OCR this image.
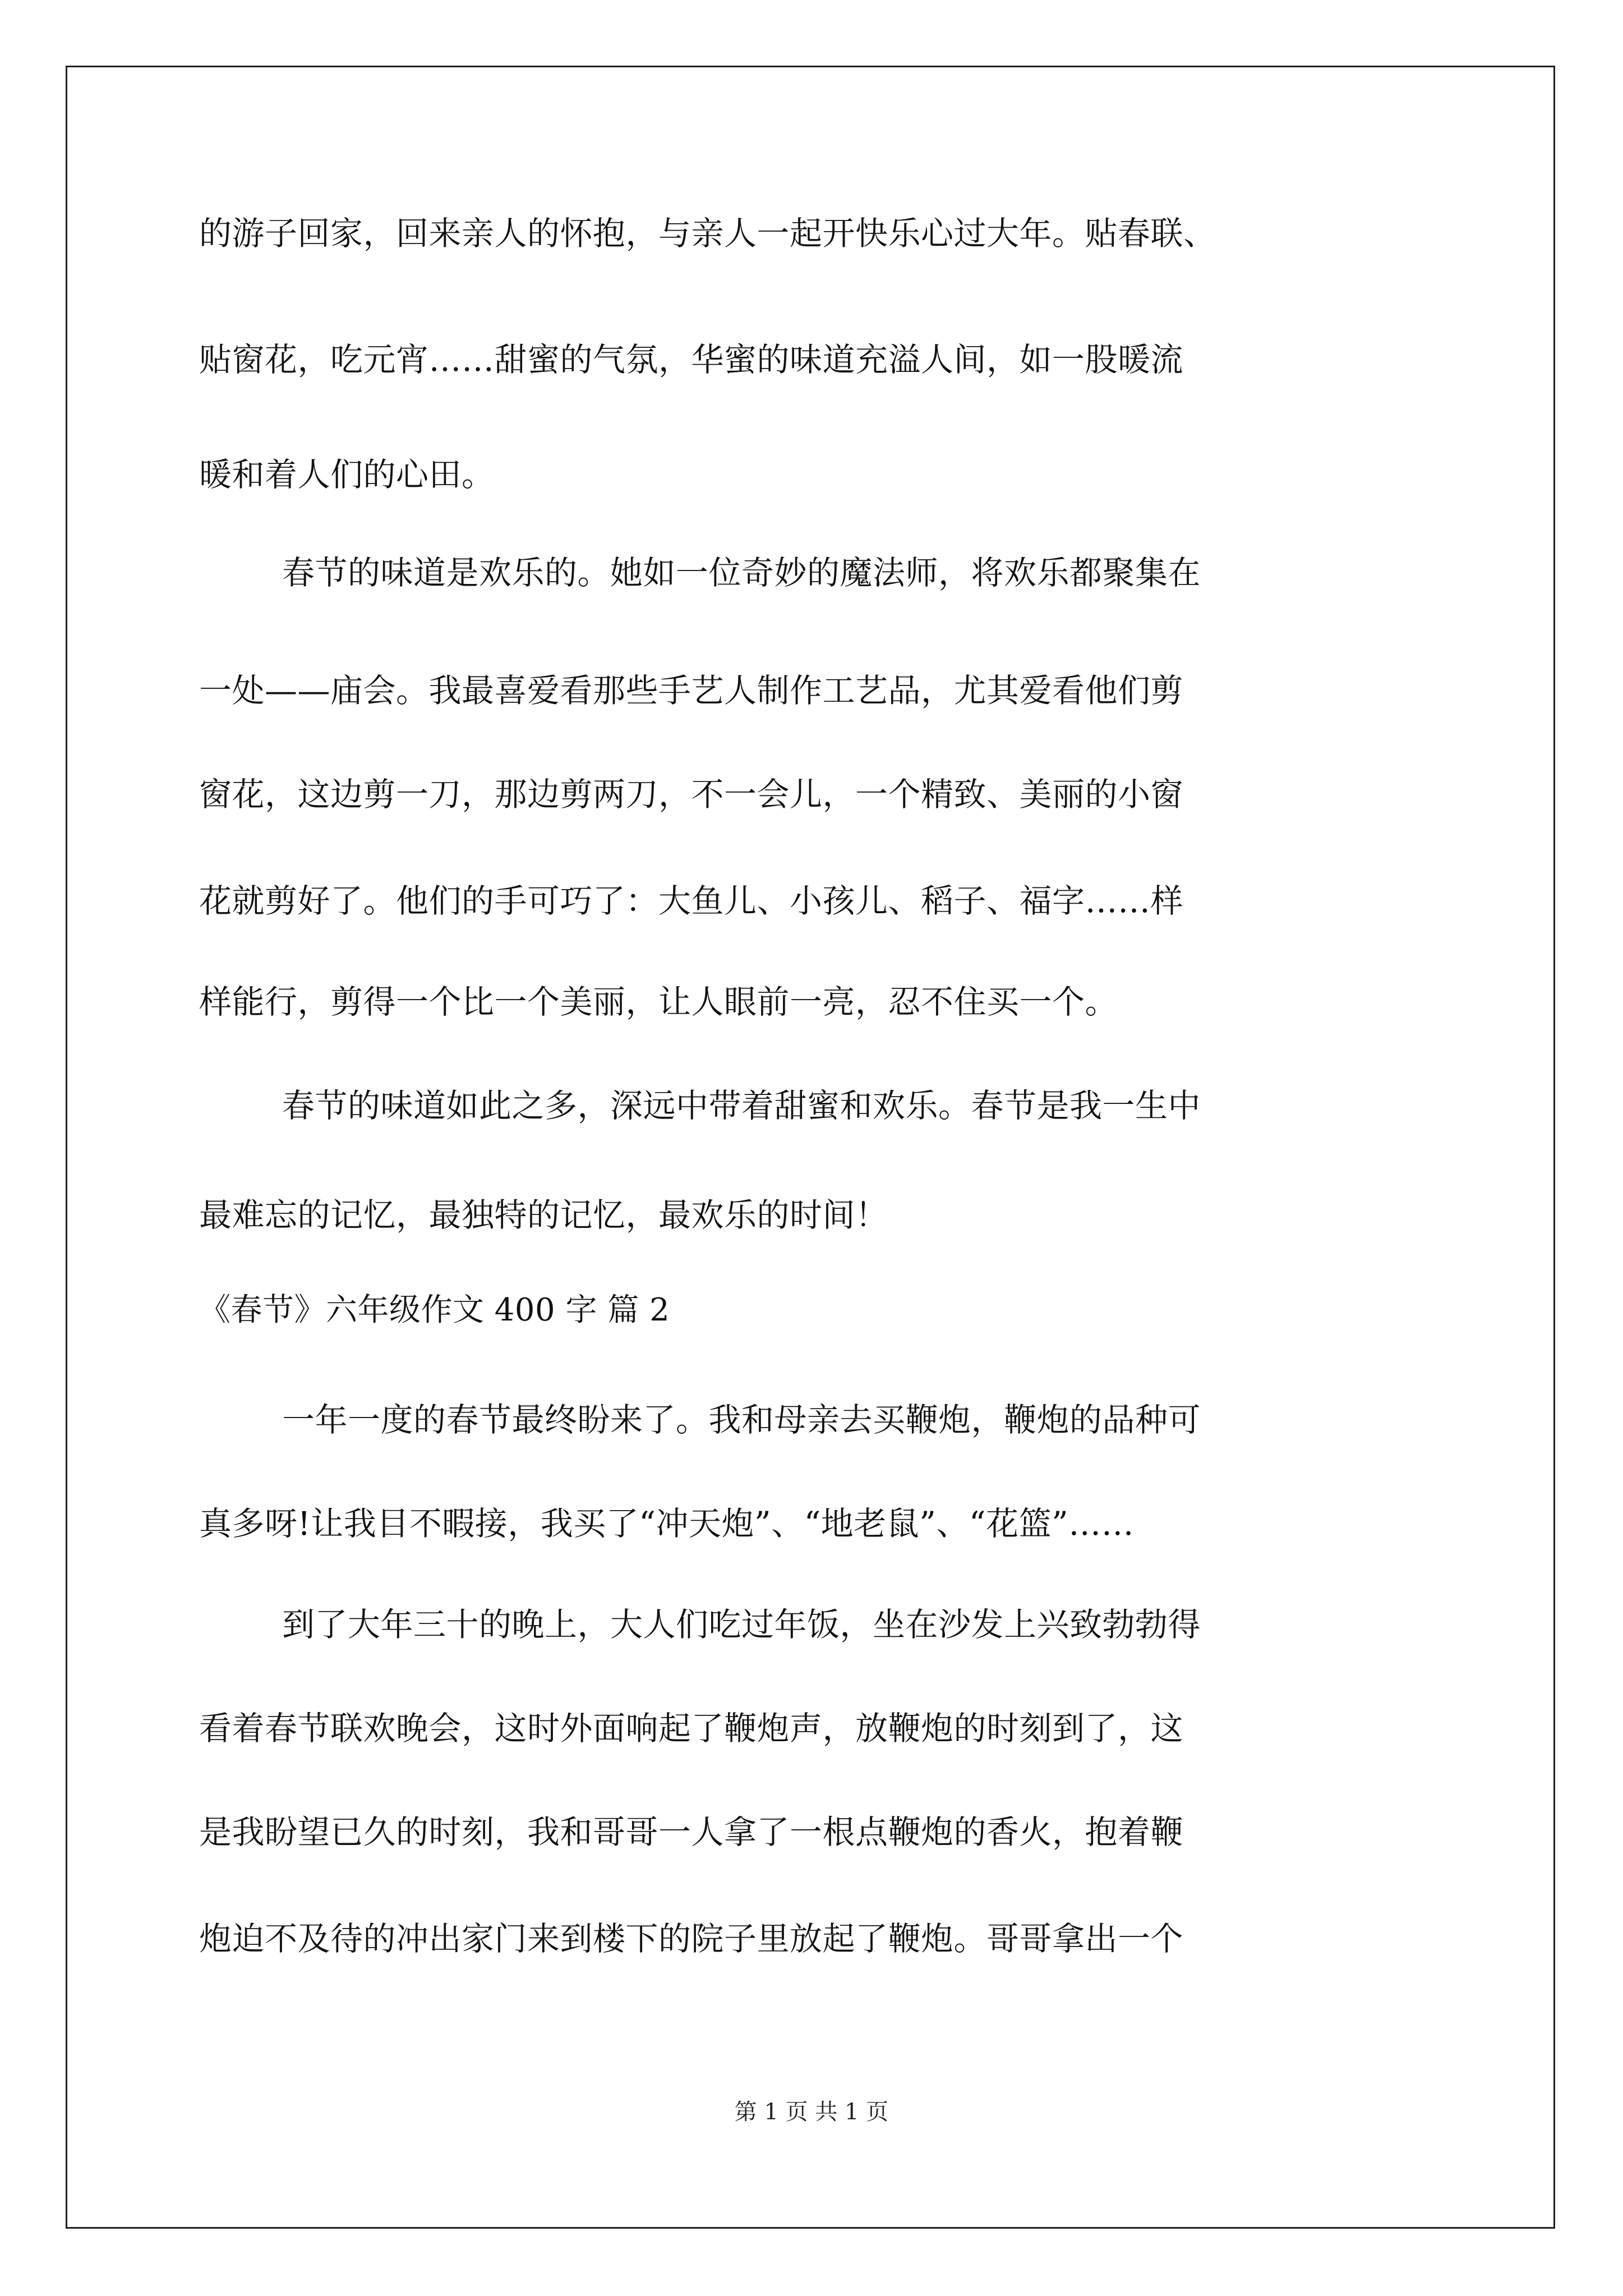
的游子回家，回来亲人的怀抱，与亲人一起开快乐心过大年。贴春联、
贴窗花，吃元宵……甜蜜的气氛，华蜜的味道充溢人间，如一股暖流
暖和着人们的心田。
春节的味道是欢乐的。她如一位奇妙的魔法师，将欢乐都聚集在
一处——庙会。我最喜爱看那些手艺人制作工艺品，尤其爱看他们剪
窗花，这边剪一刀，那边剪两刀，不一会儿，一个精致、美丽的小窗
花就剪好了。他们的手可巧了：大鱼儿、小孩儿、稻子、福字……样
样能行，剪得一个比一个美丽，让人眼前一亮，忍不住买一个。
春节的味道如此之多，深远中带着甜蜜和欢乐。春节是我一生中
最难忘的记忆，最独特的记忆，最欢乐的时间！
《春节》六年级作文 400 字 篇 2
一年一度的春节最终盼来了。我和母亲去买鞭炮，鞭炮的品种可
真多呀!让我目不暇接，我买了“冲天炮”、“地老鼠”、“花篮”……
到了大年三十的晚上，大人们吃过年饭，坐在沙发上兴致勃勃得
看着春节联欢晚会，这时外面响起了鞭炮声，放鞭炮的时刻到了，这
是我盼望已久的时刻，我和哥哥一人拿了一根点鞭炮的香火，抱着鞭
炮迫不及待的冲出家门来到楼下的院子里放起了鞭炮。哥哥拿出一个
第 1 页 共 1 页
